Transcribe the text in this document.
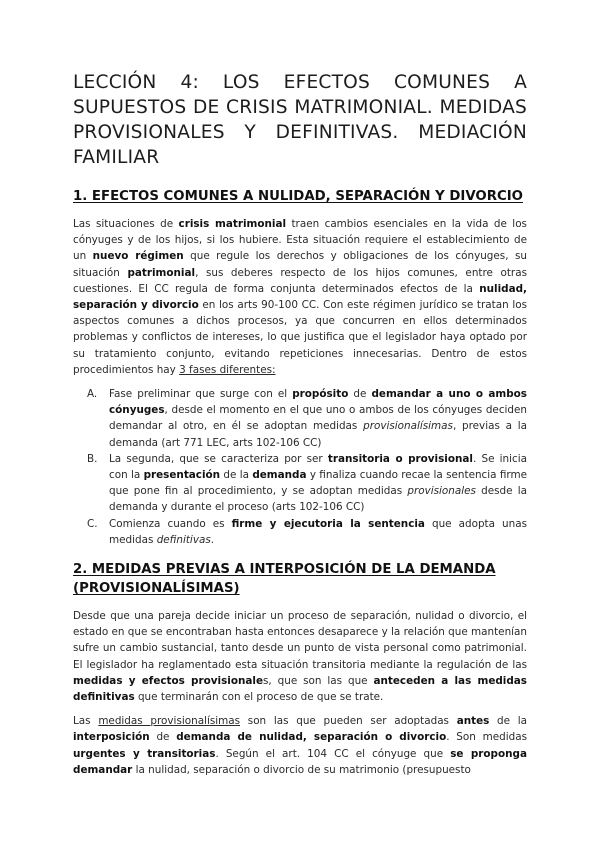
LECCIÓN 4: LOS EFECTOS COMUNES A SUPUESTOS DE CRISIS MATRIMONIAL. MEDIDAS PROVISIONALES Y DEFINITIVAS. MEDIACIÓN FAMILIAR
1. EFECTOS COMUNES A NULIDAD, SEPARACIÓN Y DIVORCIO

Las situaciones de crisis matrimonial traen cambios esenciales en la vida de los cónyuges y de los hijos, si los hubiere. Esta situación requiere el establecimiento de un nuevo régimen que regule los derechos y obligaciones de los cónyuges, su situación patrimonial, sus deberes respecto de los hijos comunes, entre otras cuestiones. El CC regula de forma conjunta determinados efectos de la nulidad, separación y divorcio en los arts 90-100 CC. Con este régimen jurídico se tratan los aspectos comunes a dichos procesos, ya que concurren en ellos determinados problemas y conflictos de intereses, lo que justifica que el legislador haya optado por su tratamiento conjunto, evitando repeticiones innecesarias. Dentro de estos procedimientos hay 3 fases diferentes:

A. Fase preliminar que surge con el propósito de demandar a uno o ambos cónyuges, desde el momento en el que uno o ambos de los cónyuges deciden demandar al otro, en él se adoptan medidas provisionalísimas, previas a la demanda (art 771 LEC, arts 102-106 CC)
B. La segunda, que se caracteriza por ser transitoria o provisional. Se inicia con la presentación de la demanda y finaliza cuando recae la sentencia firme que pone fin al procedimiento, y se adoptan medidas provisionales desde la demanda y durante el proceso (arts 102-106 CC)
C. Comienza cuando es firme y ejecutoria la sentencia que adopta unas medidas definitivas.
2. MEDIDAS PREVIAS A INTERPOSICIÓN DE LA DEMANDA
(PROVISIONALÍSIMAS)

Desde que una pareja decide iniciar un proceso de separación, nulidad o divorcio, el estado en que se encontraban hasta entonces desaparece y la relación que mantenían sufre un cambio sustancial, tanto desde un punto de vista personal como patrimonial. El legislador ha reglamentado esta situación transitoria mediante la regulación de las medidas y efectos provisionales, que son las que anteceden a las medidas definitivas que terminarán con el proceso de que se trate.

Las medidas provisionalísimas son las que pueden ser adoptadas antes de la interposición de demanda de nulidad, separación o divorcio. Son medidas urgentes y transitorias. Según el art. 104 CC el cónyuge que se proponga demandar la nulidad, separación o divorcio de su matrimonio (presupuesto
